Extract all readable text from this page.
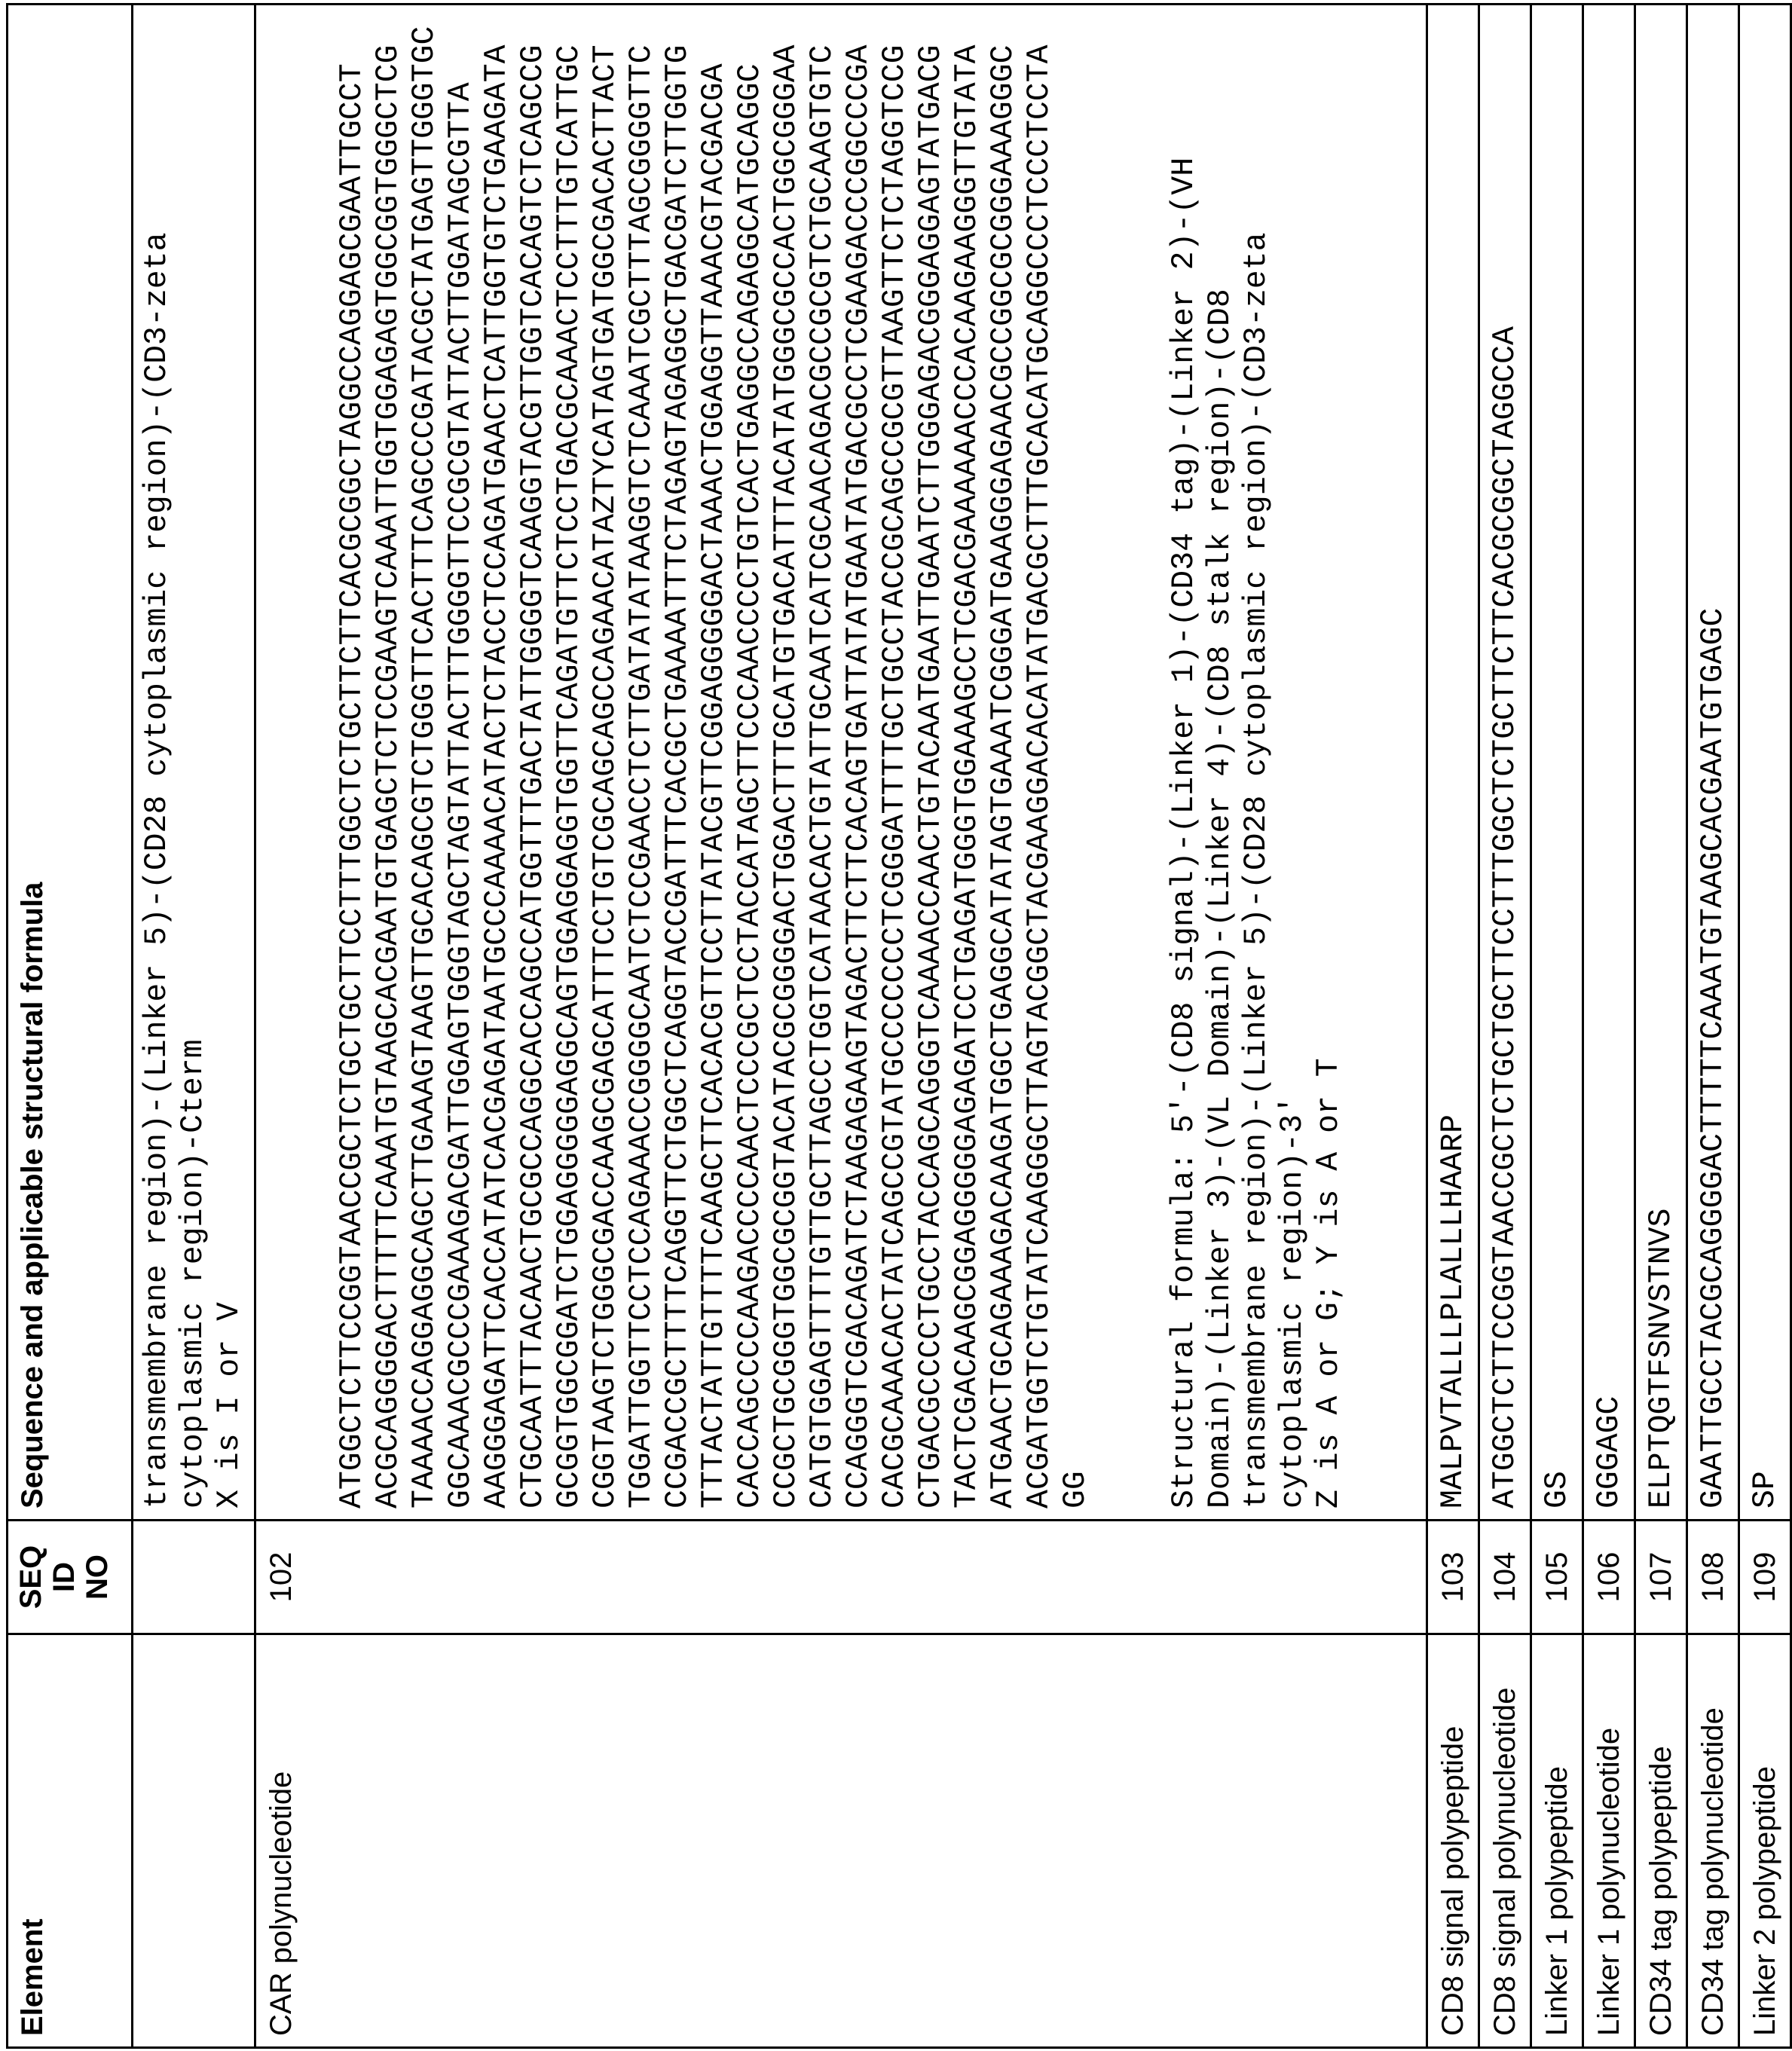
Element	
SEQ ID NO
	Sequence and applicable structural formula		transmembrane region)-(Linker 5)-(CD28 cytoplasmic region)-(CD3-zeta cytoplasmic region)-Cterm X is I or V

CAR polynucleotide	102	

ATGGCTCTTCCGGTAACCGCTCTGCTGCTTCCTTTGGCTCTGCTTCTTCACGCGGCTAGGCCAGGAGCGAATTGCCT ACGCAGGGGACTTTTTCAAATGTAAGCACGAATGTGAGCTCTCCGAAGTCAAATTGGTGGAGAGTGGCGGTGGGCTCG TAAAACCAGGAGGCAGCTTGAAAGTAAGTTGCACAGCGTCTGGGTTCACTTTCAGCCCGATACGCTATGAGTTGGGTGC GGCAAACGCCCGAAAGACGATTGGAGTGGGTAGCTAGTATTACTTTGGGGTTCCGCGTATTACTTGGATAGCGTTA AAGGGAGATTCACCATATCACGAGATAATGCCCAAAACATACTCTACCTCCAGATGAACTCATTGGTGTCTGAAGATA CTGCAATTTACAACTGCGCCAGGCACCAGCCATGGTTTGACTATTGGGGTCAAGGTACGTTGGTCACAGTCTCAGCCG GCGGTGGCGGATCTGGAGGGGGAGGCAGTGGAGGAGGTGGTTCAGATGTTCTCCTGACGCAAACTCCTTTGTCATTGC CGGTAAGTCTGGGCGACCAAGCGAGCATTTCCTGTCGCAGCAGCCAGAACATAZTYCATAGTGATGGCGACACTTACT TGGATTGGTTCCTCCAGAAACCGGGGCAATCTCCGAACCTCTTGATATATAAGGTCTCAAATCGCTTTAGCGGGGTTC CCGACCGCTTTTCAGGTTCTGGCTCAGGTACCGATTTCACGCTGAAAATTTCTAGAGTAGAGGCTGACGATCTTGGTG TTTACTATTGTTTTCAAGCTTCACACGTTCCTTATACGTTCGGAGGGGGACTAAACTGGAGGTTAAACGTACGACGA CACCAGCCCCAAGACCCCAACTCCCGCTCCTACCATAGCTTCCCAACCCCTGTCACTGAGGCCAGAGGCATGCAGGC CCGCTGCGGGTGGCGCGGTACATACGCGGGGACTGGACTTTGCATGTGACATTTACATATGGGCGCCACTGGCGGGAA CATGTGGAGTTTTGTTGCTTAGCCTGGTCATAACACTGTATTGCAATCATCGCAACAGACGCCGCGTCTGCAAGTGTC CCAGGGTCGACAGATCTAAGAGAAGTAGACTTCTTCACAGTGATTATATGAATATGACGCCTCGAAGACCCGGCCCGA CACGCAAACACTATCAGCCGTATGCCCCCCCTCGGGATTTTGCTGCCTACCGCAGCCGCGTTAAGTTCTCTAGGTCCG CTGACGCCCCTGCCTACCAGCAGGGTCAAAACCAACTGTACAATGAATTGAATCTTGGGAGACGGGAGGAGTATGACG TACTCGACAAGCGGAGGGGGAGAGATCCTGAGATGGGTGGAAAGCCTCGACGAAAAAACCCACAAGAAGGGTTGTATA ATGAACTGCAGAAAGACAAGATGGCTGAGGCATATAGTGAAATCGGGATGAAGGGAGAACGCCGGCGCGGGAAAGGGC ACGATGGTCTGTATCAAGGGCTTAGTACGGCTACGAAGGACACATATGACGCTTTGCACATGCAGGCCCTCCCTCCTA GG

Structural formula: 5'-(CD8 signal)-(Linker 1)-(CD34 tag)-(Linker 2)-(VH Domain)-(Linker 3)-(VL Domain)-(Linker 4)-(CD8 stalk region)-(CD8 transmembrane region)-(Linker 5)-(CD28 cytoplasmic region)-(CD3-zeta cytoplasmic region)-3' Z is A or G; Y is A or T

CD8 signal polypeptide	103	MALPVTALLLPLALLLHAARP
CD8 signal polynucleotide	104	ATGGCTCTTCCGGTAACCGCTCTGCTGCTTCCTTTGGCTCTGCTTCTTCACGCGGCTAGGCCA
Linker 1 polypeptide	105	GS
Linker 1 polynucleotide	106	GGGAGC
CD34 tag polypeptide	107	ELPTQGTFSNVSTNVS
CD34 tag polynucleotide	108	GAATTGCCTACGCAGGGGACTTTTTCAAATGTAAGCACGAATGTGAGC
Linker 2 polypeptide	109	SP
